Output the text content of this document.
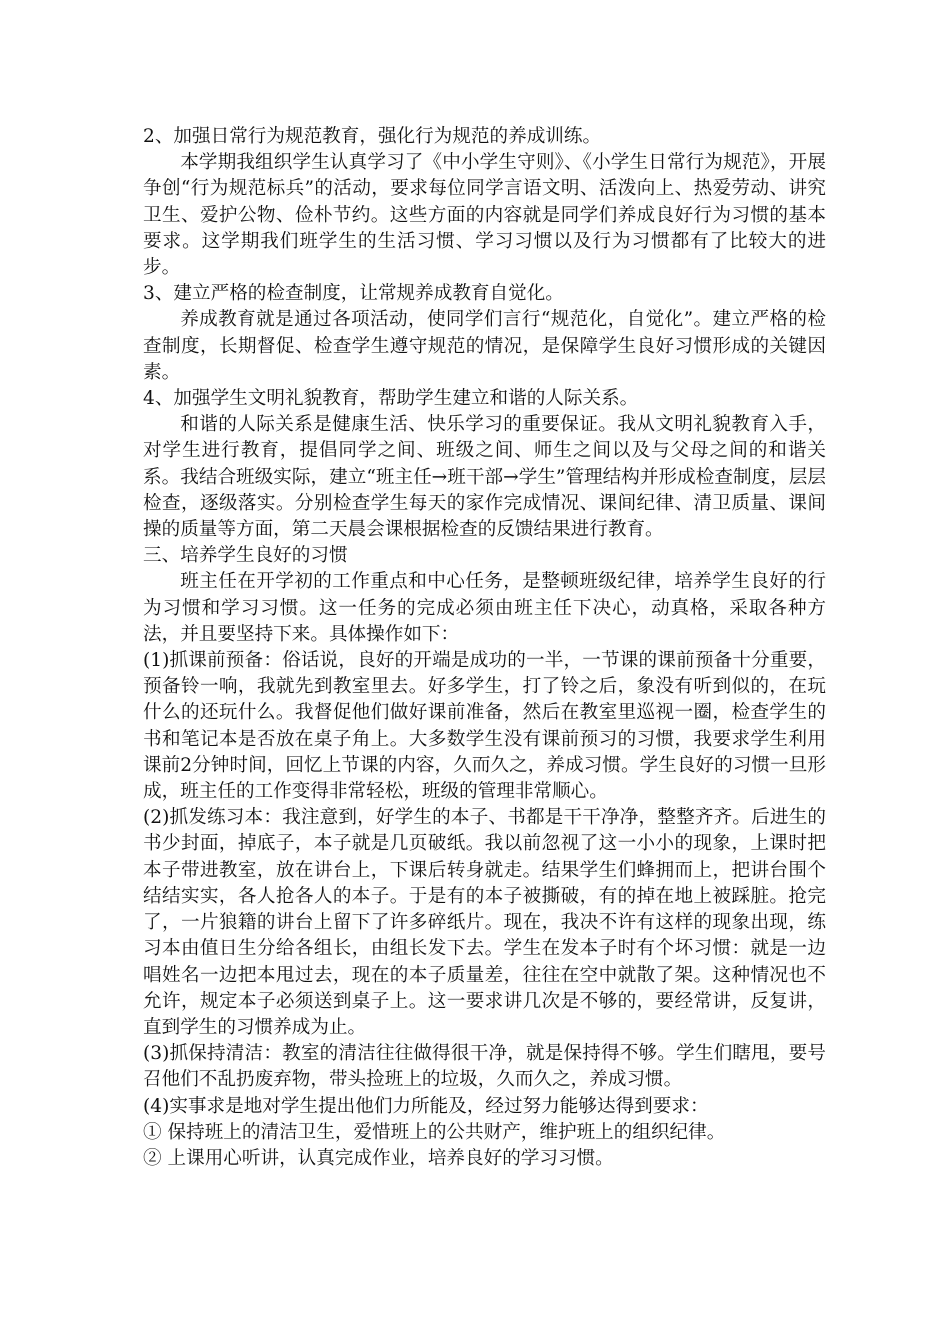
2、加强日常行为规范教育，强化行为规范的养成训练。

本学期我组织学生认真学习了《中小学生守则》、《小学生日常行为规范》，开展争创“行为规范标兵”的活动，要求每位同学言语文明、活泼向上、热爱劳动、讲究卫生、爱护公物、俭朴节约。这些方面的内容就是同学们养成良好行为习惯的基本要求。这学期我们班学生的生活习惯、学习习惯以及行为习惯都有了比较大的进步。

3、建立严格的检查制度，让常规养成教育自觉化。

养成教育就是通过各项活动，使同学们言行“规范化，自觉化”。建立严格的检查制度，长期督促、检查学生遵守规范的情况，是保障学生良好习惯形成的关键因素。

4、加强学生文明礼貌教育，帮助学生建立和谐的人际关系。

和谐的人际关系是健康生活、快乐学习的重要保证。我从文明礼貌教育入手，对学生进行教育，提倡同学之间、班级之间、师生之间以及与父母之间的和谐关系。我结合班级实际，建立“班主任→班干部→学生”管理结构并形成检查制度，层层检查，逐级落实。分别检查学生每天的家作完成情况、课间纪律、清卫质量、课间操的质量等方面，第二天晨会课根据检查的反馈结果进行教育。

三、培养学生良好的习惯

班主任在开学初的工作重点和中心任务，是整顿班级纪律，培养学生良好的行为习惯和学习习惯。这一任务的完成必须由班主任下决心，动真格，采取各种方法，并且要坚持下来。具体操作如下：

(1)抓课前预备：俗话说，良好的开端是成功的一半，一节课的课前预备十分重要，预备铃一响，我就先到教室里去。好多学生，打了铃之后，象没有听到似的，在玩什么的还玩什么。我督促他们做好课前准备，然后在教室里巡视一圈，检查学生的书和笔记本是否放在桌子角上。大多数学生没有课前预习的习惯，我要求学生利用课前2分钟时间，回忆上节课的内容，久而久之，养成习惯。学生良好的习惯一旦形成，班主任的工作变得非常轻松，班级的管理非常顺心。

(2)抓发练习本：我注意到，好学生的本子、书都是干干净净，整整齐齐。后进生的书少封面，掉底子，本子就是几页破纸。我以前忽视了这一小小的现象，上课时把本子带进教室，放在讲台上，下课后转身就走。结果学生们蜂拥而上，把讲台围个结结实实，各人抢各人的本子。于是有的本子被撕破，有的掉在地上被踩脏。抢完了，一片狼籍的讲台上留下了许多碎纸片。现在，我决不许有这样的现象出现，练习本由值日生分给各组长，由组长发下去。学生在发本子时有个坏习惯：就是一边唱姓名一边把本甩过去，现在的本子质量差，往往在空中就散了架。这种情况也不允许，规定本子必须送到桌子上。这一要求讲几次是不够的，要经常讲，反复讲，直到学生的习惯养成为止。

(3)抓保持清洁：教室的清洁往往做得很干净，就是保持得不够。学生们瞎甩，要号召他们不乱扔废弃物，带头捡班上的垃圾，久而久之，养成习惯。

(4)实事求是地对学生提出他们力所能及，经过努力能够达得到要求：

① 保持班上的清洁卫生，爱惜班上的公共财产，维护班上的组织纪律。

② 上课用心听讲，认真完成作业，培养良好的学习习惯。
